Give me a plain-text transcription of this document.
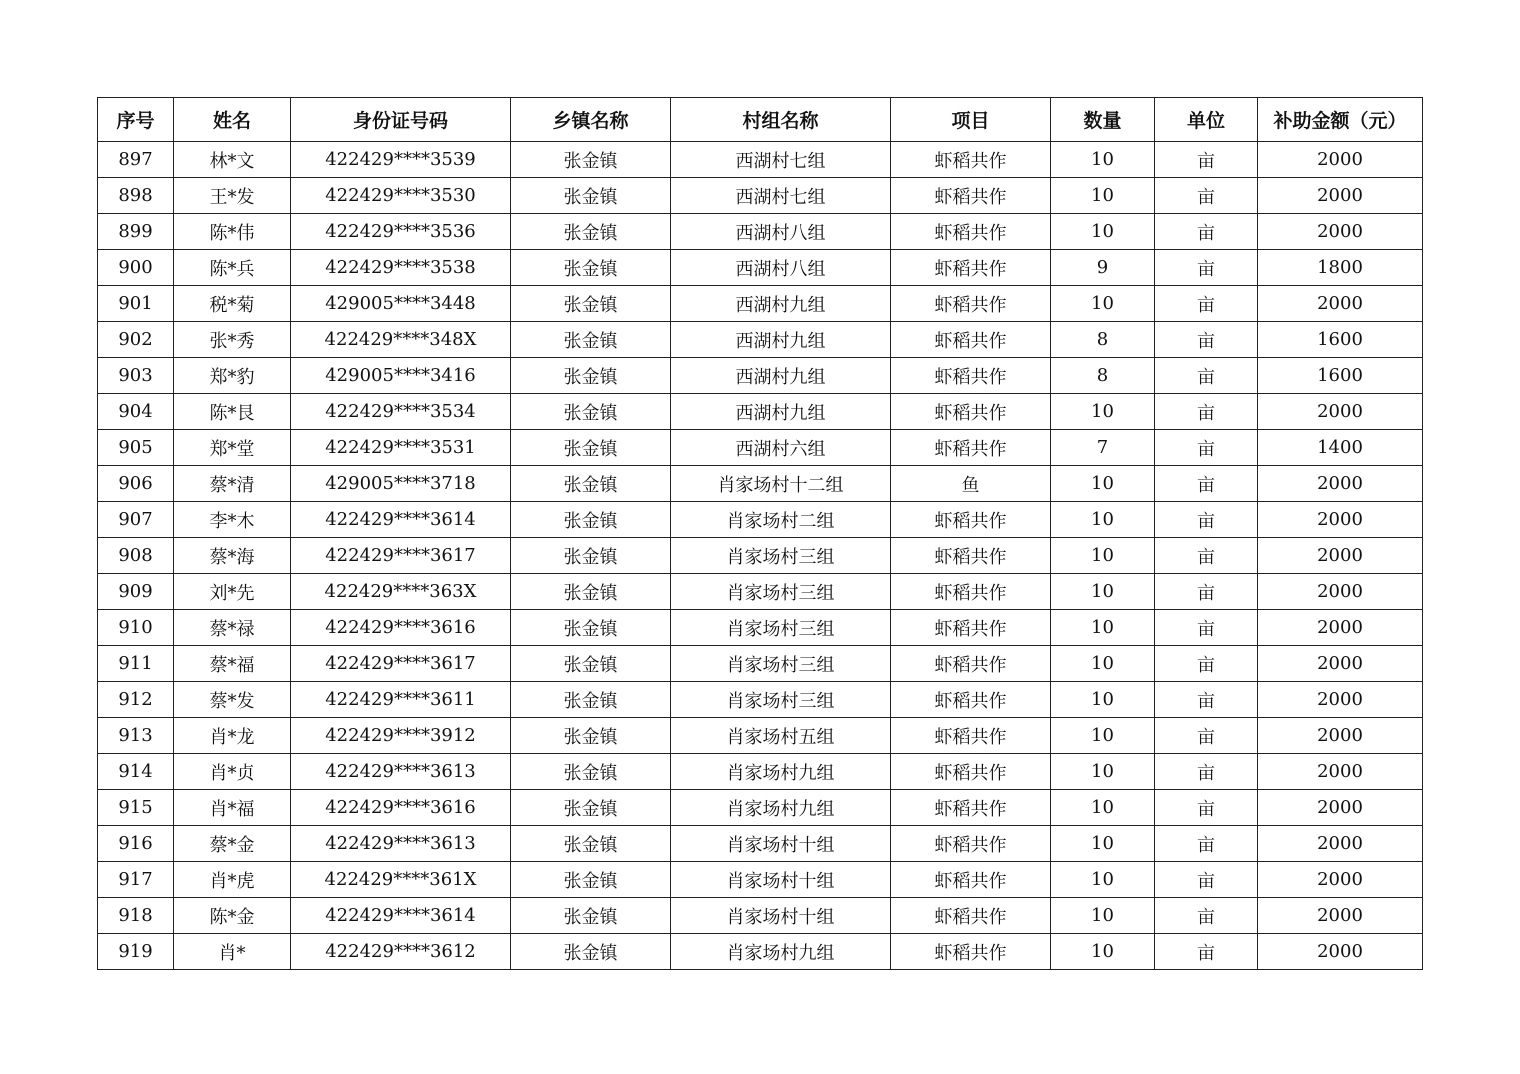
序号	姓名	身份证号码	乡镇名称	村组名称	项目	数量	单位	补助金额（元）
897	林*文	422429****3539	张金镇	西湖村七组	虾稻共作	10	亩	2000
898	王*发	422429****3530	张金镇	西湖村七组	虾稻共作	10	亩	2000
899	陈*伟	422429****3536	张金镇	西湖村八组	虾稻共作	10	亩	2000
900	陈*兵	422429****3538	张金镇	西湖村八组	虾稻共作	9	亩	1800
901	税*菊	429005****3448	张金镇	西湖村九组	虾稻共作	10	亩	2000
902	张*秀	422429****348X	张金镇	西湖村九组	虾稻共作	8	亩	1600
903	郑*豹	429005****3416	张金镇	西湖村九组	虾稻共作	8	亩	1600
904	陈*艮	422429****3534	张金镇	西湖村九组	虾稻共作	10	亩	2000
905	郑*堂	422429****3531	张金镇	西湖村六组	虾稻共作	7	亩	1400
906	蔡*清	429005****3718	张金镇	肖家场村十二组	鱼	10	亩	2000
907	李*木	422429****3614	张金镇	肖家场村二组	虾稻共作	10	亩	2000
908	蔡*海	422429****3617	张金镇	肖家场村三组	虾稻共作	10	亩	2000
909	刘*先	422429****363X	张金镇	肖家场村三组	虾稻共作	10	亩	2000
910	蔡*禄	422429****3616	张金镇	肖家场村三组	虾稻共作	10	亩	2000
911	蔡*福	422429****3617	张金镇	肖家场村三组	虾稻共作	10	亩	2000
912	蔡*发	422429****3611	张金镇	肖家场村三组	虾稻共作	10	亩	2000
913	肖*龙	422429****3912	张金镇	肖家场村五组	虾稻共作	10	亩	2000
914	肖*贞	422429****3613	张金镇	肖家场村九组	虾稻共作	10	亩	2000
915	肖*福	422429****3616	张金镇	肖家场村九组	虾稻共作	10	亩	2000
916	蔡*金	422429****3613	张金镇	肖家场村十组	虾稻共作	10	亩	2000
917	肖*虎	422429****361X	张金镇	肖家场村十组	虾稻共作	10	亩	2000
918	陈*金	422429****3614	张金镇	肖家场村十组	虾稻共作	10	亩	2000
919	肖*	422429****3612	张金镇	肖家场村九组	虾稻共作	10	亩	2000
